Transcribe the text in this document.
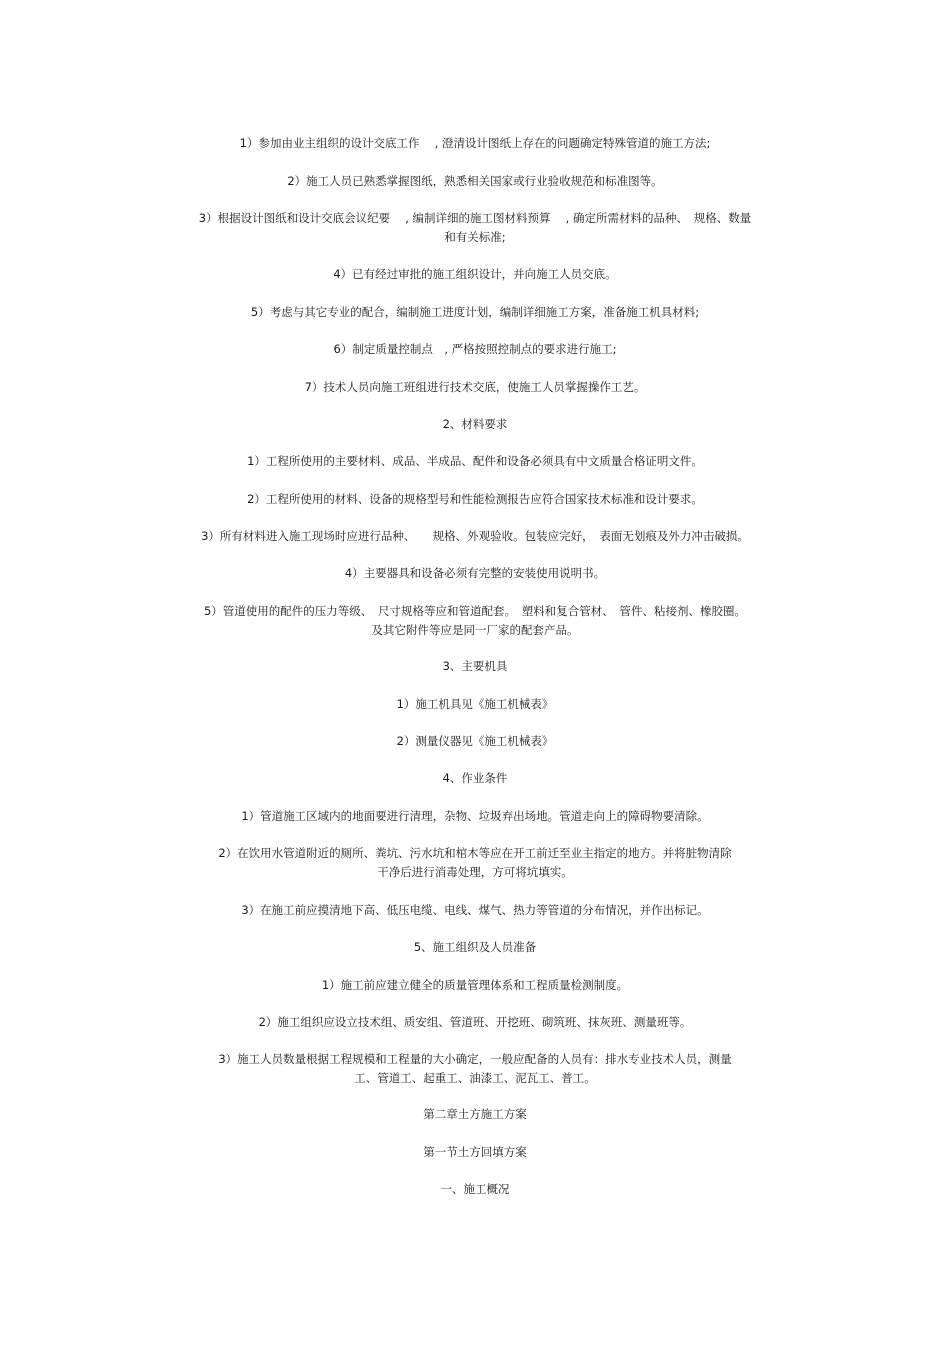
1）参加由业主组织的设计交底工作　 , 澄清设计图纸上存在的问题确定特殊管道的施工方法;
2）施工人员已熟悉掌握图纸，熟悉相关国家或行业验收规范和标准图等。
3）根据设计图纸和设计交底会议纪要　 , 编制详细的施工图材料预算　 , 确定所需材料的品种、　规格、数量
和有关标准;
4）已有经过审批的施工组织设计，并向施工人员交底。
5）考虑与其它专业的配合，编制施工进度计划，编制详细施工方案，准备施工机具材料;
6）制定质量控制点　, 严格按照控制点的要求进行施工;
7）技术人员向施工班组进行技术交底，使施工人员掌握操作工艺。
2、材料要求
1）工程所使用的主要材料、成品、半成品、配件和设备必须具有中文质量合格证明文件。
2）工程所使用的材料、设备的规格型号和性能检测报告应符合国家技术标准和设计要求。
3）所有材料进入施工现场时应进行品种、　　规格、外观验收。包装应完好，　表面无划痕及外力冲击破损。
4）主要器具和设备必须有完整的安装使用说明书。
5）管道使用的配件的压力等级、　尺寸规格等应和管道配套。　塑料和复合管材、　管件、粘接剂、橡胶圈。
及其它附件等应是同一厂家的配套产品。
3、主要机具
1）施工机具见《施工机械表》
2）测量仪器见《施工机械表》
4、作业条件
1）管道施工区域内的地面要进行清理，杂物、垃圾弃出场地。管道走向上的障碍物要清除。
2）在饮用水管道附近的厕所、粪坑、污水坑和棺木等应在开工前迁至业主指定的地方。并将脏物清除
干净后进行消毒处理，方可将坑填实。
3）在施工前应摸清地下高、低压电缆、电线、煤气、热力等管道的分布情况，并作出标记。
5、施工组织及人员准备
1）施工前应建立健全的质量管理体系和工程质量检测制度。
2）施工组织应设立技术组、质安组、管道班、开挖班、砌筑班、抹灰班、测量班等。
3）施工人员数量根据工程规模和工程量的大小确定，一般应配备的人员有：排水专业技术人员，测量
工、管道工、起重工、油漆工、泥瓦工、普工。
第二章土方施工方案
第一节土方回填方案
一、施工概况
